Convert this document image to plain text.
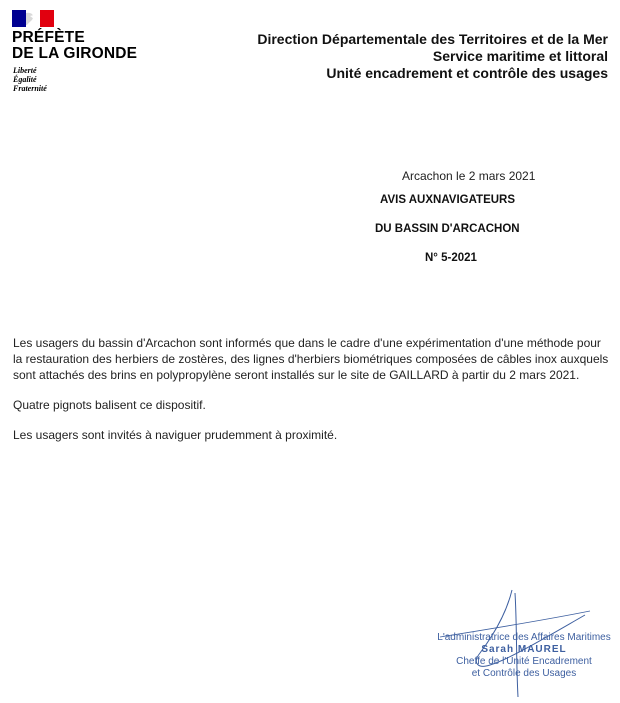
PRÉFÈTE
DE LA GIRONDE
Liberté
Égalité
Fraternité
Direction Départementale des Territoires et de la Mer
Service maritime et littoral
Unité encadrement et contrôle des usages
Arcachon le 2 mars 2021
AVIS AUXNAVIGATEURS
DU BASSIN D'ARCACHON
N° 5-2021

Les usagers du bassin d'Arcachon sont informés que dans le cadre d'une expérimentation d'une méthode pour la restauration des herbiers de zostères, des lignes d'herbiers biométriques composées de câbles inox auxquels sont attachés des brins en polypropylène seront installés sur le site de GAILLARD à partir du 2 mars 2021.

Quatre pignots balisent ce dispositif.

Les usagers sont invités à naviguer prudemment à proximité.

L'administratrice des Affaires Maritimes
Sarah MAUREL
Cheffe de l'Unité Encadrement
et Contrôle des Usages
